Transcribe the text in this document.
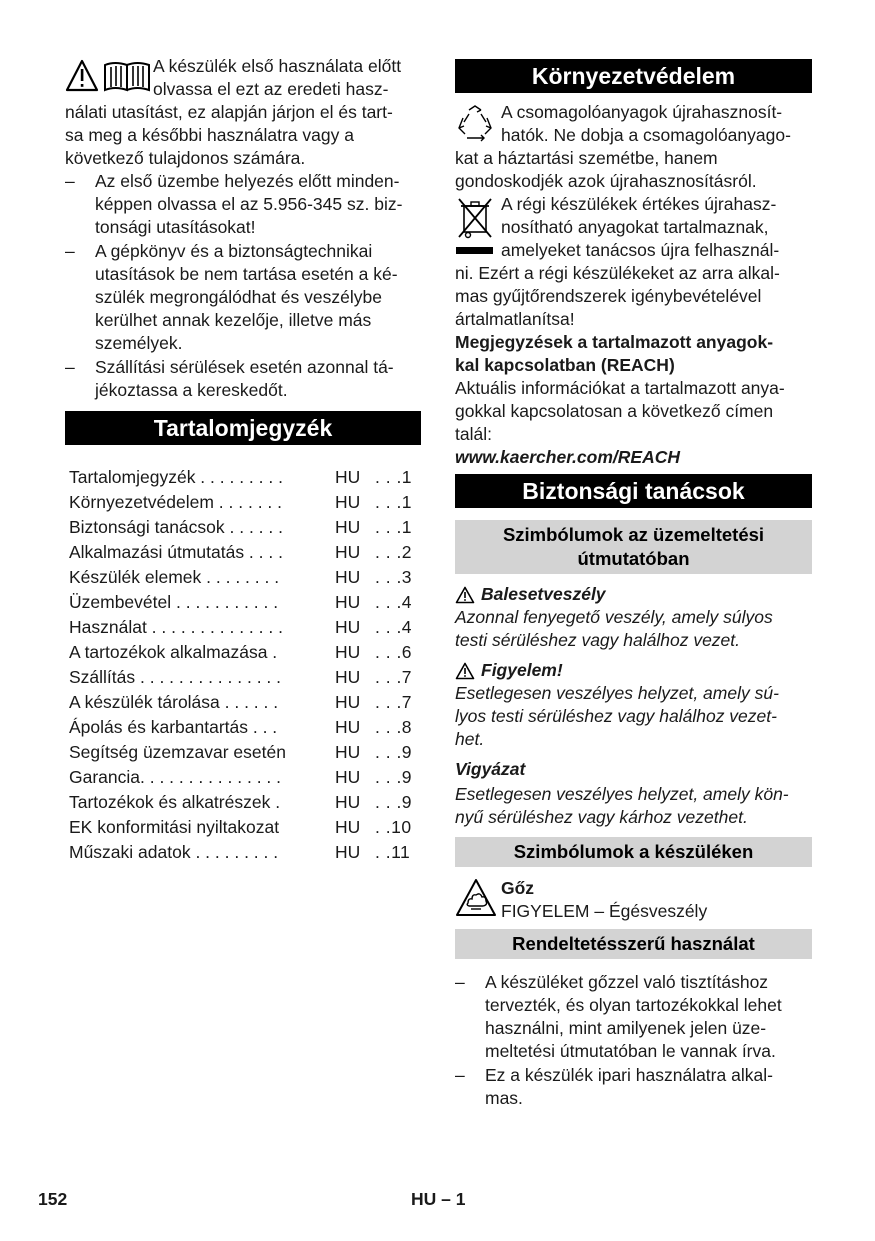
A készülék első használata előtt
olvassa el ezt az eredeti hasz-
nálati utasítást, ez alapján járjon el és tart-
sa meg a későbbi használatra vagy a
következő tulajdonos számára.
– Az első üzembe helyezés előtt minden-
képpen olvassa el az 5.956-345 sz. biz-
tonsági utasításokat!
– A gépkönyv és a biztonságtechnikai
utasítások be nem tartása esetén a ké-
szülék megrongálódhat és veszélybe
kerülhet annak kezelője, illetve más
személyek.
– Szállítási sérülések esetén azonnal tá-
jékoztassa a kereskedőt.
Tartalomjegyzék
Tartalomjegyzék . . . . . . . . .	HU . . .1
Környezetvédelem . . . . . . .	HU . . .1
Biztonsági tanácsok . . . . . .	HU . . .1
Alkalmazási útmutatás . . . .	HU . . .2
Készülék elemek . . . . . . . .	HU . . .3
Üzembevétel . . . . . . . . . . .	HU . . .4
Használat . . . . . . . . . . . . . .	HU . . .4
A tartozékok alkalmazása .	HU . . .6
Szállítás . . . . . . . . . . . . . . .	HU . . .7
A készülék tárolása . . . . . .	HU . . .7
Ápolás és karbantartás . . .	HU . . .8
Segítség üzemzavar esetén	HU . . .9
Garancia. . . . . . . . . . . . . . .	HU . . .9
Tartozékok és alkatrészek .	HU . . .9
EK konformitási nyiltakozat	HU . .10
Műszaki adatok . . . . . . . . .	HU . .11
Környezetvédelem
A csomagolóanyagok újrahasznosít-
hatók. Ne dobja a csomagolóanyago-
kat a háztartási szemétbe, hanem
gondoskodjék azok újrahasznosításról.
A régi készülékek értékes újrahasz-
nosítható anyagokat tartalmaznak,
amelyeket tanácsos újra felhasznál-
ni. Ezért a régi készülékeket az arra alkal-
mas gyűjtőrendszerek igénybevételével
ártalmatlanítsa!
Megjegyzések a tartalmazott anyagok-
kal kapcsolatban (REACH)
Aktuális információkat a tartalmazott anya-
gokkal kapcsolatosan a következő címen
talál:
www.kaercher.com/REACH
Biztonsági tanácsok
Szimbólumok az üzemeltetési
útmutatóban
Balesetveszély
Azonnal fenyegető veszély, amely súlyos
testi sérüléshez vagy halálhoz vezet.
Figyelem!
Esetlegesen veszélyes helyzet, amely sú-
lyos testi sérüléshez vagy halálhoz vezet-
het.
Vigyázat
Esetlegesen veszélyes helyzet, amely kön-
nyű sérüléshez vagy kárhoz vezethet.
Szimbólumok a készüléken
Gőz
FIGYELEM – Égésveszély
Rendeltetésszerű használat
– A készüléket gőzzel való tisztításhoz
tervezték, és olyan tartozékokkal lehet
használni, mint amilyenek jelen üze-
meltetési útmutatóban le vannak írva.
– Ez a készülék ipari használatra alkal-
mas.
152	HU – 1
